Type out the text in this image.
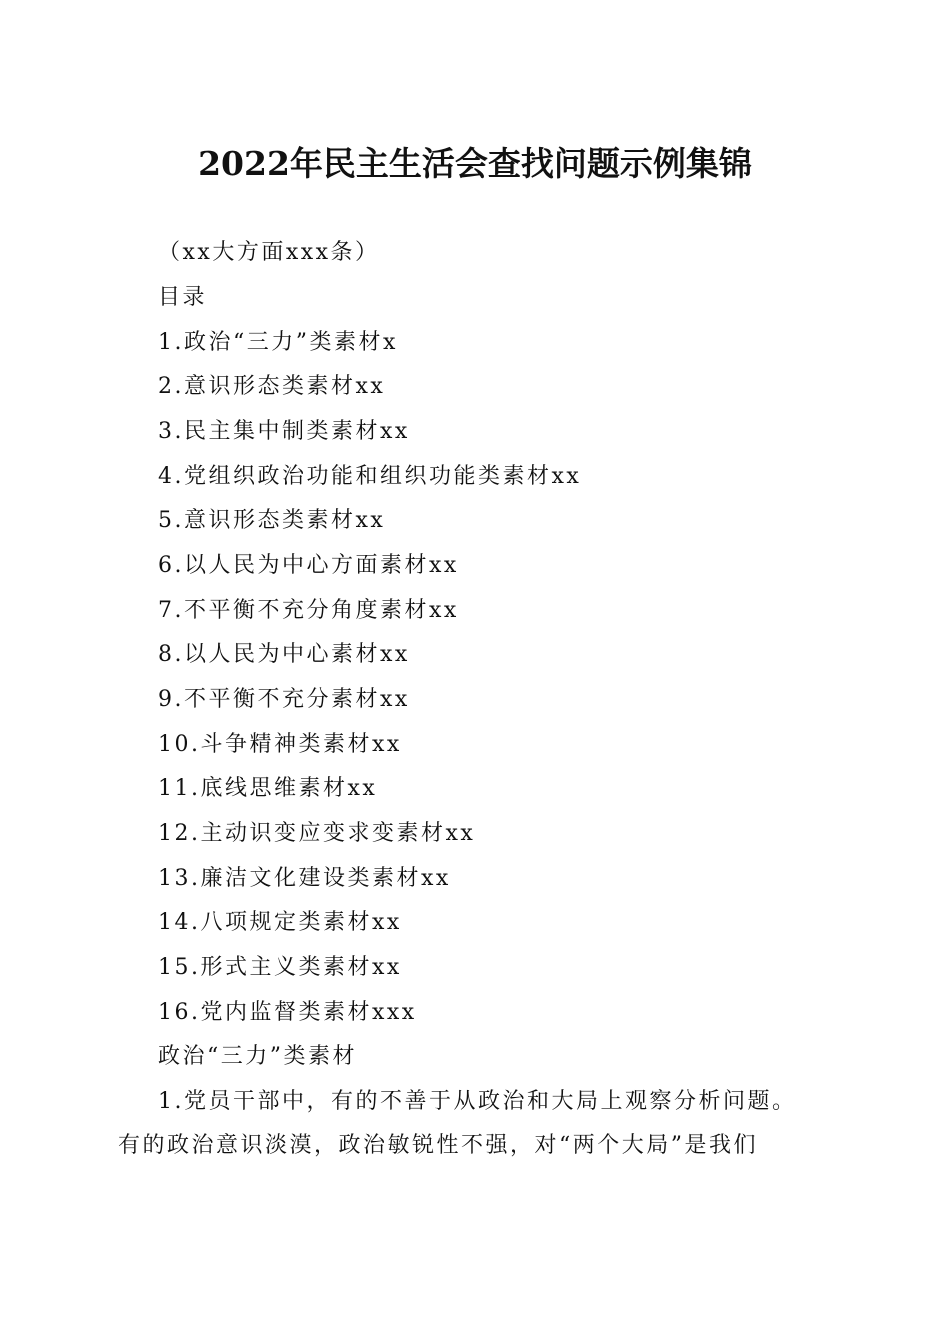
2022年民主生活会查找问题示例集锦
（xx大方面xxx条）
目录
1.政治“三力”类素材x
2.意识形态类素材xx
3.民主集中制类素材xx
4.党组织政治功能和组织功能类素材xx
5.意识形态类素材xx
6.以人民为中心方面素材xx
7.不平衡不充分角度素材xx
8.以人民为中心素材xx
9.不平衡不充分素材xx
10.斗争精神类素材xx
11.底线思维素材xx
12.主动识变应变求变素材xx
13.廉洁文化建设类素材xx
14.八项规定类素材xx
15.形式主义类素材xx
16.党内监督类素材xxx
政治“三力”类素材
1.党员干部中，有的不善于从政治和大局上观察分析问题。
有的政治意识淡漠，政治敏锐性不强，对“两个大局”是我们
